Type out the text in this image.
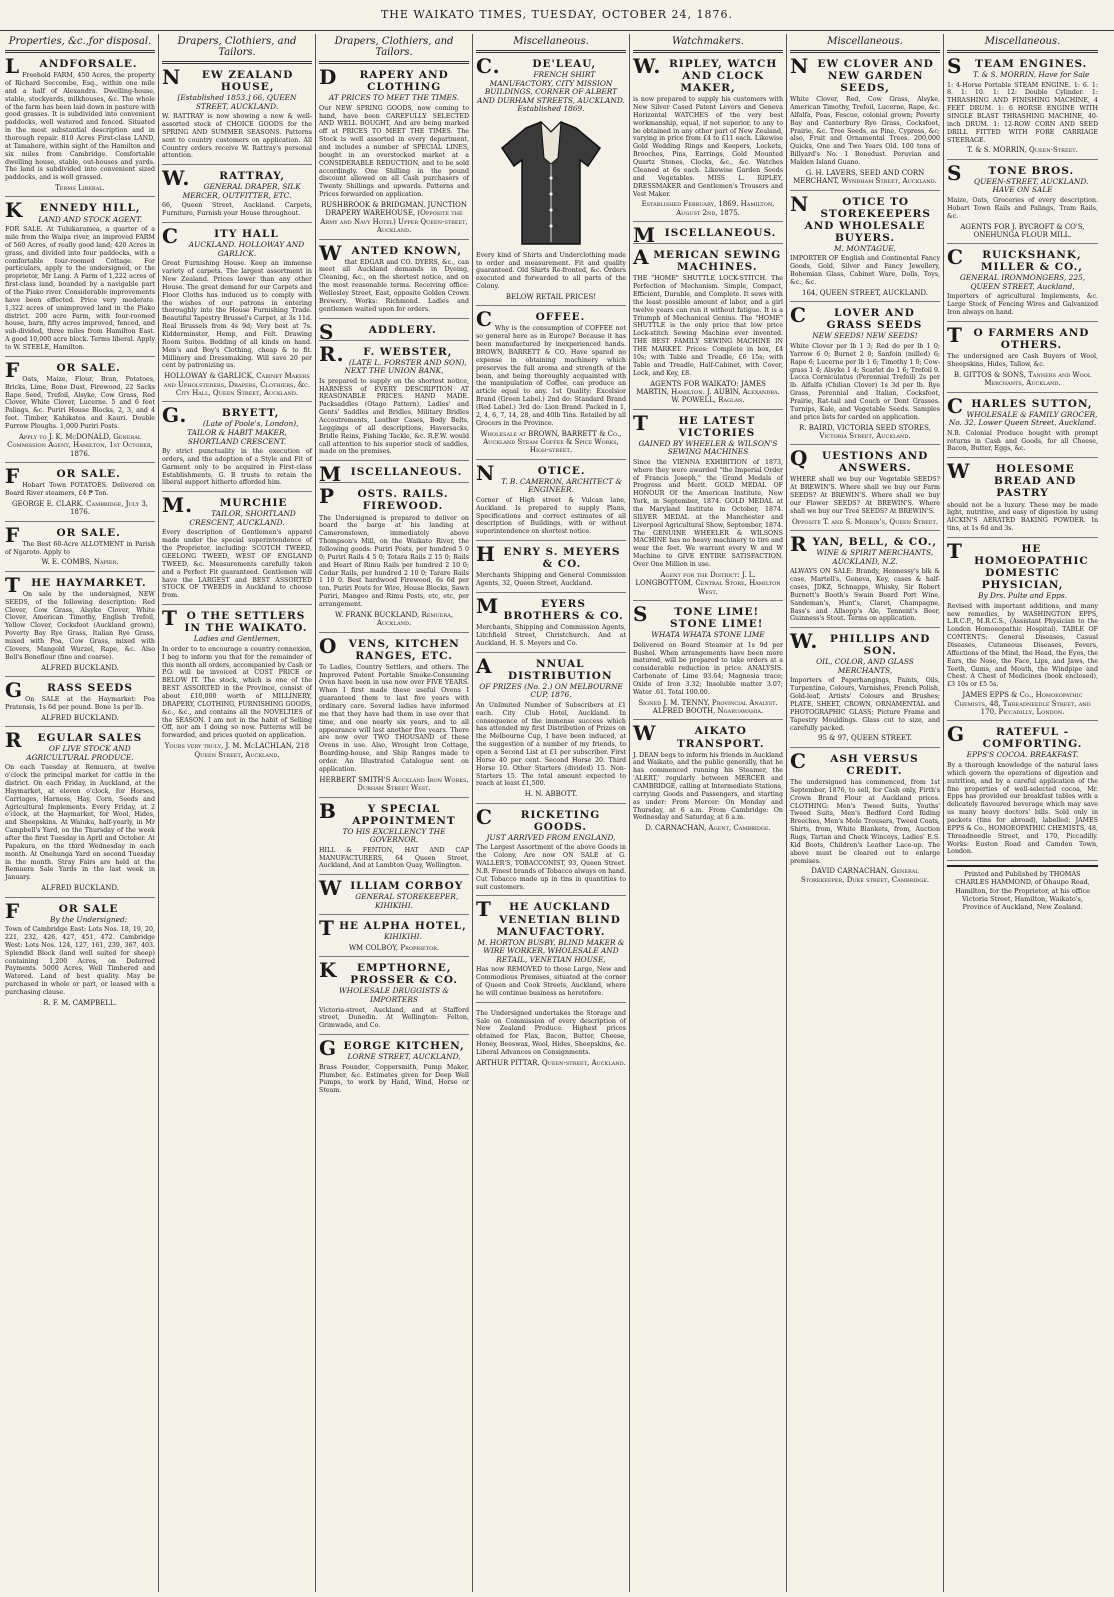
THE WAIKATO TIMES, TUESDAY, OCTOBER 24, 1876.
Properties, &c.,for disposal.
LANDFORSALE.
Freehold FARM, 450 Acres, the property of Richard Seccombe, Esq., within one mile and a half of Alexandra. Dwelling-house, stable, stockyards, milkhouses, &c. The whole of the farm has been laid down in pasture with good grasses. It is subdivided into convenient paddocks, well watered and fenced. Situated in the most substantial description and in thorough repair. 810 Acres First-class LAND, at Tamahere, within sight of the Hamilton and six miles from Cambridge. Comfortable dwelling house, stable, out-houses and yards. The land is subdivided into convenient sized paddocks, and is well grassed.
Terms Liberal.
KENNEDY HILL,
LAND AND STOCK AGENT.
FOR SALE. At Tuhikaramea, a quarter of a mile from the Waipa river, an improved FARM of 560 Acres, of really good land; 420 Acres in grass, and divided into four paddocks, with a comfortable four-roomed Cottage. For particulars, apply to the undersigned, or the proprietor, Mr Lang. A Farm of 1,222 acres of first-class land, bounded by a navigable part of the Piako river. Considerable improvements have been effected. Price very moderate. 1,322 acres of unimproved land in the Piako district. 200 acre Farm, with four-roomed house, barn, fifty acres improved, fenced, and sub-divided, three miles from Hamilton East. A good 10,000 acre block. Terms liberal. Apply to W. STEELE, Hamilton.
FOR SALE.
Oats, Maize, Flour, Bran, Potatoes, Bricks, Lime, Bone Dust, Firewood, 22 Sacks Rape Seed, Trefoil, Alsyke, Cow Grass, Red Clover, White Clover, Lucerne. 5 and 6 feet Palings, &c. Puriri House Blocks, 2, 3, and 4 feet. Timber, Kahikatea and Kauri. Double Furrow Ploughs. 1,000 Puriri Posts.
Apply to J. K. McDONALD, General Commission Agent, Hamilton, 1st October, 1876.
FOR SALE.
Hobart Town POTATOES. Delivered on Board River steamers, £4 ₱ Ton.
GEORGE E. CLARK. Cambridge, July 3, 1876.
FOR SALE.
The Best 60-Acre ALLOTMENT in Parish of Ngaroto. Apply to
W. E. COMBS, Napier.
THE HAYMARKET.
On sale by the undersigned, NEW SEEDS, of the following description: Red Clover, Cow Grass, Alsyke Clover, White Clover, American Timothy, English Trefoil, Yellow Clover, Cocksfoot (Auckland grown), Poverty Bay Rye Grass, Italian Rye Grass, mixed with Poa, Cow Grass, mixed with Clovers, Mangold Wurzel, Rape, &c. Also Bell's Boneflour (fine and coarse).
ALFRED BUCKLAND.
GRASS SEEDS
On SALE at the Haymarket: Poa Pratensis, 1s 6d per pound. Bone 1s per lb.
ALFRED BUCKLAND.
REGULAR SALES
OF LIVE STOCK AND AGRICULTURAL PRODUCE.
On each Tuesday at Remuera, at twelve o'clock the principal market for cattle in the district. On each Friday, in Auckland, at the Haymarket, at eleven o'clock, for Horses, Carriages, Harness, Hay, Corn, Seeds and Agricultural Implements. Every Friday, at 2 o'clock, at the Haymarket, for Wool, Hides, and Sheepskins. At Waiuku, half-yearly, in Mr Campbell's Yard, on the Thursday of the week after the first Tuesday in April and October. At Papakura, on the third Wednesday in each month. At Onehunga Yard on second Tuesday in the month. Stray Fairs are held at the Remuera Sale Yards in the last week in January.
ALFRED BUCKLAND.
FOR SALE
By the Undersigned:
Town of Cambridge East: Lots Nos. 18, 19, 20, 221, 232, 426, 427, 451, 472. Cambridge West: Lots Nos. 124, 127, 161, 239, 367, 403. Splendid Block (land well suited for sheep) containing 1,200 Acres, on Deferred Payments. 5000 Acres, Well Timbered and Watered. Land of best quality. May be purchased in whole or part, or leased with a purchasing clause.
R. F. M. CAMPBELL.
Drapers, Clothiers, and Tailors.
NEW ZEALAND HOUSE,
[Established 1853.] 66, QUEEN STREET, AUCKLAND.
W. RATTRAY is now showing a new & well-assorted stock of CHOICE GOODS for the SPRING AND SUMMER SEASONS. Patterns sent to country customers on application. All Country orders receive W. Rattray's personal attention.
W.RATTRAY,
GENERAL DRAPER, SILK MERCER, OUTFITTER, ETC.
66, Queen Street, Auckland. Carpets, Furniture, Furnish your House throughout.
CITY HALL
AUCKLAND. HOLLOWAY AND GARLICK.
Great Furnishing House. Keep an immense variety of carpets. The largest assortment in New Zealand. Prices lower than any other House. The great demand for our Carpets and Floor Cloths has induced us to comply with the wishes of our patrons in entering thoroughly into the House Furnishing Trade. Beautiful Tapestry Brussel's Carpet, at 3s 11d. Real Brussels from 4s 9d; Very best at 7s. Kidderminster, Hemp, and Felt. Drawing Room Suites. Bedding of all kinds on hand. Men's and Boy's Clothing, cheap & to fit. Millinery and Dressmaking. Will save 20 per cent by patronizing us.
HOLLOWAY & GARLICK, Cabinet Makers and Upholsterers, Drapers, Clothiers, &c. City Hall, Queen Street, Auckland.
G.BRYETT,
(Late of Poole's, London), TAILOR & HABIT MAKER, SHORTLAND CRESCENT.
By strict punctuality in the execution of orders, and the adoption of a Style and Fit of Garment only to be acquired in First-class Establishments, G. B trusts to retain the liberal support hitherto afforded him.
M.MURCHIE
TAILOR, SHORTLAND CRESCENT, AUCKLAND.
Every description of Gentlemen's apparel made under the special superintendence of the Proprietor, including: SCOTCH TWEED, GEELONG TWEED, WEST OF ENGLAND TWEED, &c. Measurements carefully taken and a Perfect Fit guaranteed. Gentlemen will have the LARGEST and BEST ASSORTED STOCK OF TWEEDS in Auckland to choose from.
TO THE SETTLERS IN THE WAIKATO.
Ladies and Gentlemen,
In order to to encourage a country connexion, I beg to inform you that for the remainder of this month all orders, accompanied by Cash or P.O. will be invoiced at COST PRICE or BELOW IT. The stock, which is one of the BEST ASSORTED in the Province, consist of about £10,000 worth of MILLINERY, DRAPERY, CLOTHING, FURNISHING GOODS, &c., &c., and contains all the NOVELTIES of the SEASON. I am not in the habit of Selling Off, nor am I doing so now. Patterns will be forwarded, and prices quoted on application.
Yours very truly, J. M. McLACHLAN, 218 Queen Street, Auckland.
Drapers, Clothiers, and Tailors.
DRAPERY AND CLOTHING
AT PRICES TO MEET THE TIMES.
Our NEW SPRING GOODS, now coming to hand, have been CAREFULLY SELECTED AND WELL BOUGHT, And are being marked off at PRICES TO MEET THE TIMES. The Stock is well assorted in every department, and includes a number of SPECIAL LINES, bought in an overstocked market at a CONSIDERABLE REDUCTION, and to be sold accordingly. One Shilling in the pound discount allowed on all Cash purchasers of Twenty Shillings and upwards. Patterns and Prices forwarded on application.
RUSHBROOK & BRIDGMAN, JUNCTION DRAPERY WAREHOUSE, (Opposite the Army and Navy Hotel) Upper Queen-street, Auckland.
WANTED KNOWN,
that EDGAR and CO. DYERS, &c., can meet all Auckland demands in Dyeing, Cleaning, &c., on the shortest notice, and on the most reasonable terms. Receiving office: Wellesley Street, East, opposite Golden Crown Brewery. Works: Richmond. Ladies and gentlemen waited upon for orders.
SADDLERY.
R.F. WEBSTER,
(LATE L. FORSTER AND SON), NEXT THE UNION BANK,
Is prepared to supply on the shortest notice, HARNESS of EVERY DESCRIPTION AT REASONABLE PRICES. HAND MADE. Packsaddles (Otago Pattern), Ladies' and Gents' Saddles and Bridles, Military Bridles Accoutrements, Leather Cases, Body Belts, Leggings of all descriptions, Haversacks, Bridle Reins, Fishing Tackle, &c. R.F.W. would call attention to his superior stock of saddles, made on the premises.
MISCELLANEOUS.
POSTS. RAILS. FIREWOOD.
The Undersigned is prepared to deliver on board the barge at his landing at Cameronstown, immediately above Thompson's Mill, on the Waikato River, the following goods: Puriri Posts, per hundred 5 0 0; Puriri Rails 4 5 0; Totara Rails 2 15 0; Rails and Heart of Rimu Rails per hundred 2 10 0; Cedar Rails, per hundred 2 10 0; Tarare Rails 1 10 0. Best hardwood Firewood, 6s 6d per ton. Puriri Posts for Wire, House Blocks, Sawn Puriri, Mangeo and Rimu Posts, etc, etc, per arrangement.
W. FRANK BUCKLAND, Remuera, Auckland.
OVENS, KITCHEN RANGES, ETC.
To Ladies, Country Settlers, and others. The Improved Patent Portable Smoke-Consuming Oven have been in use now over FIVE YEARS. When I first made these useful Ovens I guaranteed them to last five years with ordinary care. Several ladies have informed me that they have had them in use over that time, and one nearly six years, and to all appearance will last another five years. There are now over TWO THOUSAND of these Ovens in use. Also, Wrought Iron Cottage, Boarding-house, and Ship Ranges made to order. An Illustrated Catalogue sent on application.
HERBERT SMITH'S Auckland Iron Works, Durham Street West.
BY SPECIAL APPOINTMENT
TO HIS EXCELLENCY THE GOVERNOR.
HILL & FENTON, HAT AND CAP MANUFACTURERS, 64 Queen Street, Auckland, And at Lambton Quay, Wellington.
WILLIAM CORBOY
GENERAL STOREKEEPER, KIHIKIHI.
THE ALPHA HOTEL,
KIHIKIHI.
WM COLBOY, Proprietor.
KEMPTHORNE, PROSSER & CO.
WHOLESALE DRUGGISTS & IMPORTERS
Victoria-street, Auckland, and at Stafford street, Dunedin. At Wellington: Felton, Grimwade, and Co.
GEORGE KITCHEN,
LORNE STREET, AUCKLAND,
Brass Founder, Coppersmith, Pump Maker, Plumber, &c. Estimates given for Deep Well Pumps, to work by Hand, Wind, Horse or Steam.
Miscellaneous.
C.DE'LEAU,
FRENCH SHIRT MANUFACTORY, CITY MISSION BUILDINGS, CORNER OF ALBERT AND DURHAM STREETS, AUCKLAND. Established 1869.
Every kind of Shirts and Underclothing made to order and measurement. Fit and quality guaranteed. Old Shirts Re-fronted, &c. Orders executed and forwarded to all parts of the Colony.
BELOW RETAIL PRICES!
COFFEE.
Why is the consumption of COFFEE not so general here as in Europe? Because it has been manufactured by inexperienced hands. BROWN, BARRETT & CO. Have spared no expense in obtaining machinery which preserves the full aroma and strength of the bean, and being thoroughly acquainted with the manipulation of Coffee, can produce an article equal to any. 1st Quality: Excelsior Brand (Green Label.) 2nd do: Standard Brand (Red Label.) 3rd do: Lion Brand. Packed in 1, 2, 4, 6, 7, 14, 28, and 40lb Tins. Retailed by all Grocers in the Province.
Wholesale at BROWN, BARRETT & Co., Auckland Steam Coffee & Spice Works, High-street.
NOTICE.
T. B. CAMERON, ARCHITECT & ENGINEER.
Corner of High street & Vulcan lane, Auckland. Is prepared to supply Plans, Specifications and correct estimates of all description of Buildings, with or without superintendence on shortest notice.
HENRY S. MEYERS & CO.
Merchants Shipping and General Commission Agents, 32, Queen Street, Auckland.
MEYERS BROTHERS & CO.
Merchants, Shipping and Commission Agents, Litchfield Street, Christchurch. And at Auckland, H. S. Meyers and Co.
ANNUAL DISTRIBUTION
OF PRIZES (No. 2.) ON MELBOURNE CUP, 1876.
An Unlimited Number of Subscribers at £1 each. City Club Hotel, Auckland. In consequence of the immense success which has attended my first Distribution of Prizes on the Melbourne Cup, I have been induced, at the suggestion of a number of my friends, to open a Second List at £1 per subscriber. First Horse 40 per cent. Second Horse 20. Third Horse 10. Other Starters (divided) 15. Non-Starters 15. The total amount expected to reach at least £1,500.
H. N. ABBOTT.
CRICKETING GOODS.
JUST ARRIVED FROM ENGLAND,
The Largest Assortment of the above Goods in the Colony, Are now ON SALE at G. WALLER'S, TOBACCONIST, 93, Queen Street. N.B. Finest brands of Tobacco always on hand. Cut Tobacco made up in tins in quantities to suit customers.
THE AUCKLAND VENETIAN BLIND MANUFACTORY.
M. HORTON BUSBY, BLIND MAKER & WIRE WORKER, WHOLESALE AND RETAIL, VENETIAN HOUSE,
Has now REMOVED to those Large, New and Commodious Premises, situated at the corner of Queen and Cook Streets, Auckland, where he will continue business as heretofore.
The Undersigned undertakes the Storage and Sale on Commission of every description of New Zealand Produce. Highest prices obtained for Flax, Bacon, Butter, Cheese, Honey, Beeswax, Wool, Hides, Sheepskins, &c. Liberal Advances on Consignments.
ARTHUR PITTAR, Queen-street, Auckland.
Watchmakers.
W.RIPLEY, WATCH AND CLOCK MAKER,
is now prepared to supply his customers with New Silver Cased Patent Levers and Geneva Horizontal WATCHES of the very best workmanship, equal, if not superior, to any to be obtained in any other part of New Zealand, varying in price from £4 to £11 each. Likewise Gold Wedding Rings and Keepers, Lockets, Brooches, Pins, Earrings, Gold Mounted Quartz Stones, Clocks, &c., &c. Watches Cleaned at 6s each. Likewise Garden Seeds and Vegetables. MISS L. RIPLEY, DRESSMAKER and Gentlemen's Trousers and Vest Maker.
Established February, 1869. Hamilton, August 2nd, 1875.
MISCELLANEOUS.
AMERICAN SEWING MACHINES.
THE "HOME" SHUTTLE LOCK-STITCH. The Perfection of Mechanism. Simple, Compact, Efficient, Durable, and Complete. It sews with the least possible amount of labor, and a girl twelve years can run it without fatigue. It is a Triumph of Mechanical Genius. The "HOME" SHUTTLE is the only price that low price Lock-stitch Sewing Machine ever invented. THE BEST FAMILY SEWING MACHINE IN THE MARKET. Prices: Complete in box, £4 10s; with Table and Treadle, £6 15s; with Table and Treadle, Half-Cabinet, with Cover, Lock, and Key, £8.
AGENTS FOR WAIKATO: JAMES MARTIN, Hamilton. J. AUBIN, Alexandra. W. POWELL, Raglan.
THE LATEST VICTORIES
GAINED BY WHEELER & WILSON'S SEWING MACHINES
Since the VIENNA EXHIBITION of 1873, where they were awarded "the Imperial Order of Francis Joseph," the Grand Medals of Progress and Merit. GOLD MEDAL OF HONOUR Of the American Institute, New York, in September, 1874. GOLD MEDAL at the Maryland Institute in October, 1874. SILVER MEDAL at the Manchester and Liverpool Agricultural Show, September, 1874. The GENUINE WHEELER & WILSONS MACHINE has no heavy machinery to tire and wear the feet. We warrant every W and W Machine to GIVE ENTIRE SATISFACTION. Over One Million in use.
Agent for the District: J. L. LONGBOTTOM, Central Store, Hamilton West.
STONE LIME! STONE LIME!
WHATA WHATA STONE LIME
Delivered on Board Steamer at 1s 9d per Bushel. When arrangements have been more matured, will be prepared to take orders at a considerable reduction in price. ANALYSIS. Carbonate of Lime 93.64; Magnesia trace; Oxide of Iron 3.32; Insoluble matter 3.07; Water .61. Total 100.00.
Signed J. M. TENNY, Provincial Analyst. ALFRED BOOTH, Ngaruawahia.
WAIKATO TRANSPORT.
J. DEAN begs to inform his friends in Auckland and Waikato, and the public generally, that he has commenced running his Steamer, the 'ALERT,' regularly between MERCER and CAMBRIDGE, calling at Intermediate Stations, carrying Goods and Passengers, and starting as under: From Mercer: On Monday and Thursday, at 6 a.m. From Cambridge: On Wednesday and Saturday, at 6 a.m.
D. CARNACHAN, Agent, Cambridge.
Miscellaneous.
NEW CLOVER AND NEW GARDEN SEEDS,
White Clover, Red, Cow Grass, Alsyke, American Timothy, Trefoil, Lucerne, Rape, &c. Alfalfa, Poas, Fescue, colonial grown; Poverty Bay and Canterbury Rye Grass, Cocksfoot, Prairie, &c. Tree Seeds, as Pine, Cypress, &c; also, Fruit and Ornamental Trees. 200,000 Quicks, One and Two Years Old. 100 tons of Billyard's No. 1 Bonedust. Peruvian and Malden Island Guano.
G. H. LAVERS, SEED AND CORN MERCHANT, Wyndham Street, Auckland.
NOTICE TO STOREKEEPERS AND WHOLESALE BUYERS.
M. MONTAGUE,
IMPORTER OF English and Continental Fancy Goods, Gold, Silver and Fancy Jewellery, Bohemian Glass, Cabinet Ware, Dolls, Toys, &c., &c.
164, QUEEN STREET, AUCKLAND.
CLOVER AND GRASS SEEDS
NEW SEEDS! NEW SEEDS!
White Clover per lb 1 3; Red do per lb 1 0; Yarrow 6 0; Burnet 2 0; Sanfoin (milled) 6; Rape 6; Lucerne per lb 1 6; Timothy 1 0; Cow-grass 1 4; Alsyke 1 4; Scarlet do 1 6; Trefoil 9. Lucca Corniculatus (Perennial Trefoil) 2s per lb. Alfalfa (Chilian Clover) 1s 3d per lb. Rye Grass, Perennial and Italian, Cocksfoot, Prairie, Rat-tail and Couch or Dont Grasses. Turnips, Kale, and Vegetable Seeds. Samples and price lists for carded on application.
R. BAIRD, VICTORIA SEED STORES, Victoria Street, Auckland.
QUESTIONS AND ANSWERS.
WHERE shall we buy our Vegetable SEEDS? At BREWIN'S. Where shall we buy our Farm SEEDS? At BREWIN'S. Where shall we buy our Flower SEEDS? At BREWIN'S. Where shall we buy our Tree SEEDS? At BREWIN'S.
Opposite T. and S. Morrin's, Queen Street.
RYAN, BELL, & CO.,
WINE & SPIRIT MERCHANTS, AUCKLAND, N.Z.
ALWAYS ON SALE: Brandy, Hennessy's blk & case, Martell's, Geneva, Key, cases & half-cases, JDKZ, Schnapps, Whisky, Sir Robert Burnett's Booth's Swain Board Port Wine, Sandeman's, Hunt's, Claret, Champagne, Bass's and Allsopp's Ale, Tennent's Beer, Guinness's Stout. Terms on application.
W.PHILLIPS AND SON.
OIL, COLOR, AND GLASS MERCHANTS,
Importers of Paperhangings, Paints, Oils, Turpentine, Colours, Varnishes, French Polish, Gold-leaf, Artists' Colours and Brushes; PLATE, SHEET, CROWN, ORNAMENTAL and PHOTOGRAPHIC GLASS; Picture Frame and Tapestry Mouldings. Glass cut to size, and carefully packed.
95 & 97, QUEEN STREET.
CASH VERSUS CREDIT.
The undersigned has commenced, from 1st September, 1876, to sell, for Cash only, Firth's Crown Brand Flour at Auckland prices. CLOTHING: Men's Tweed Suits, Youths' Tweed Suits, Men's Bedford Cord Riding Breeches, Men's Mole Trousers, Tweed Coats, Shirts, from, White Blankets, from, Auction Rugs, Tartan and Check Winceys, Ladies' E.S. Kid Boots, Children's Leather Lace-up. The above must be cleared out to enlarge premises.
DAVID CARNACHAN, General Storekeeper, Duke street, Cambridge.
Miscellaneous.
STEAM ENGINES.
T. & S. MORRIN, Have for Sale
1: 4-Horse Portable STEAM ENGINE. 1: 6. 1: 8. 1: 10. 1: 12: Double Cylinder. 1: THRASHING AND FINISHING MACHINE, 4 FEET DRUM. 1: 6 HORSE ENGINE WITH SINGLE BLAST THRASHING MACHINE, 40-inch DRUM. 1: 12-ROW CORN AND SEED DRILL FITTED WITH FORE CARRIAGE STEERAGE.
T. & S. MORRIN, Queen-Street.
STONE BROS.
QUEEN-STREET, AUCKLAND. HAVE ON SALE
Maize, Oats, Groceries of every description. Hobart Town Rails and Palings, Tram Rails, &c.
AGENTS FOR J. BYCROFT & CO'S, ONEHUNGA FLOUR MILL.
CRUICKSHANK, MILLER & CO.,
GENERAL IRONMONGERS, 225, QUEEN STREET, Auckland,
Importers of agricultural Implements, &c. Large Stock of Fencing Wires and Galvanized Iron always on hand.
TO FARMERS AND OTHERS.
The undersigned are Cash Buyers of Wool, Sheepskins, Hides, Tallow, &c.
B. GITTOS & SONS, Tanners and Wool Merchants, Auckland.
CHARLES SUTTON,
WHOLESALE & FAMILY GROCER, No. 32, Lower Queen Street, Auckland.
N.B. Colonial Produce bought with prompt returns in Cash and Goods, for all Cheese, Bacon, Butter, Eggs, &c.
WHOLESOME BREAD AND PASTRY
should not be a luxury. These may be made light, nutritive, and easy of digestion by using AICKIN'S AERATED BAKING POWDER. In tins, at 1s 6d and 3s.
THE HOMOEOPATHIC DOMESTIC PHYSICIAN,
By Drs. Pulte and Epps.
Revised with important additions, and many new remedies, by WASHINGTON EPPS, L.R.C.P., M.R.C.S., (Assistant Physician to the London Homoeopathic Hospital). TABLE OF CONTENTS: General Diseases, Casual Diseases, Cutaneous Diseases, Fevers, Affections of the Mind, the Head, the Eyes, the Ears, the Nose, the Face, Lips, and Jaws, the Teeth, Gums, and Mouth, the Windpipe and Chest. A Chest of Medicines (book enclosed), £3 10s or £5 5s.
JAMES EPPS & Co., Homoeopathic Chemists, 48, Threadneedle Street, and 170, Piccadilly, London.
GRATEFUL - COMFORTING.
EPPS'S COCOA. BREAKFAST.
By a thorough knowledge of the natural laws which govern the operations of digestion and nutrition, and by a careful application of the fine properties of well-selected cocoa, Mr. Epps has provided our breakfast tables with a delicately flavoured beverage which may save us many heavy doctors' bills. Sold only in packets (tins for abroad), labelled: JAMES EPPS & Co., HOMOEOPATHIC CHEMISTS, 48, Threadneedle Street, and 170, Piccadilly. Works: Euston Road and Camden Town, London.
Printed and Published by THOMAS CHARLES HAMMOND, of Ohaupo Road, Hamilton, for the Proprietor, at his office Victoria Street, Hamilton, Waikato's, Province of Auckland, New Zealand.
